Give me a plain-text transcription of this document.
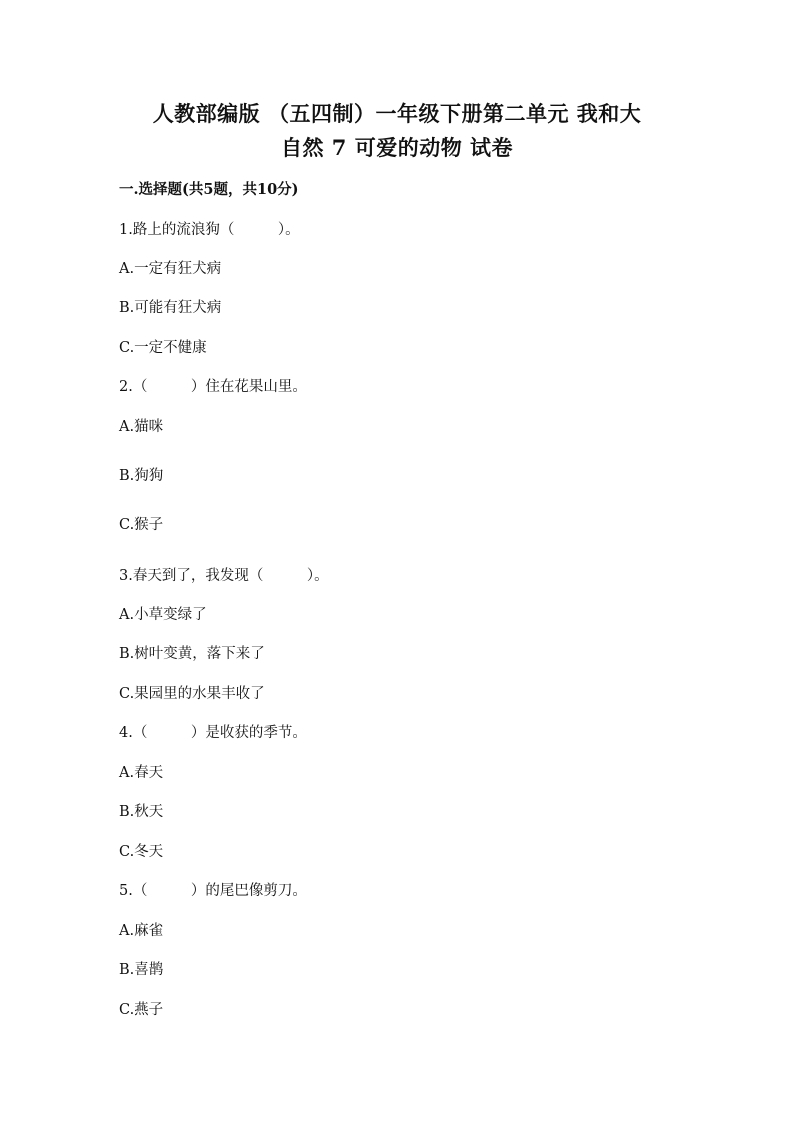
人教部编版 （五四制）一年级下册第二单元 我和大
自然 7 可爱的动物 试卷
一.选择题(共5题，共10分)
1.路上的流浪狗（　　　）。
A.一定有狂犬病
B.可能有狂犬病
C.一定不健康
2.（　　　）住在花果山里。
A.猫咪
B.狗狗
C.猴子
3.春天到了，我发现（　　　）。
A.小草变绿了
B.树叶变黄，落下来了
C.果园里的水果丰收了
4.（　　　）是收获的季节。
A.春天
B.秋天
C.冬天
5.（　　　）的尾巴像剪刀。
A.麻雀
B.喜鹊
C.燕子
